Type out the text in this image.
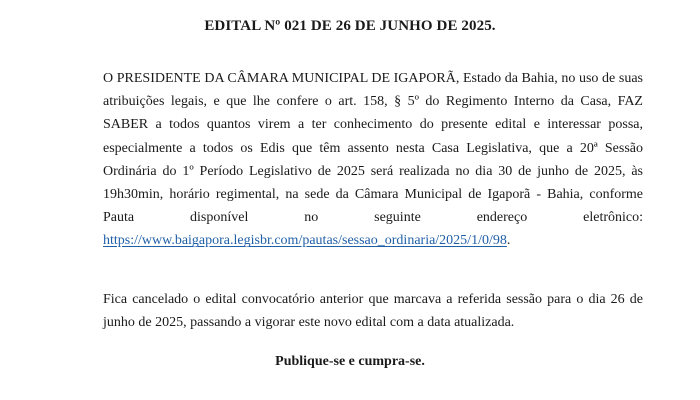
EDITAL Nº 021 DE 26 DE JUNHO DE 2025.

O PRESIDENTE DA CÂMARA MUNICIPAL DE IGAPORÃ, Estado da Bahia, no uso de suas atribuições legais, e que lhe confere o art. 158, § 5º do Regimento Interno da Casa, FAZ SABER a todos quantos virem a ter conhecimento do presente edital e interessar possa, especialmente a todos os Edis que têm assento nesta Casa Legislativa, que a 20ª Sessão Ordinária do 1º Período Legislativo de 2025 será realizada no dia 30 de junho de 2025, às 19h30min, horário regimental, na sede da Câmara Municipal de Igaporã - Bahia, conforme Pauta disponível no seguinte endereço eletrônico: https://www.baigapora.legisbr.com/pautas/sessao_ordinaria/2025/1/0/98.

Fica cancelado o edital convocatório anterior que marcava a referida sessão para o dia 26 de junho de 2025, passando a vigorar este novo edital com a data atualizada.

Publique-se e cumpra-se.
